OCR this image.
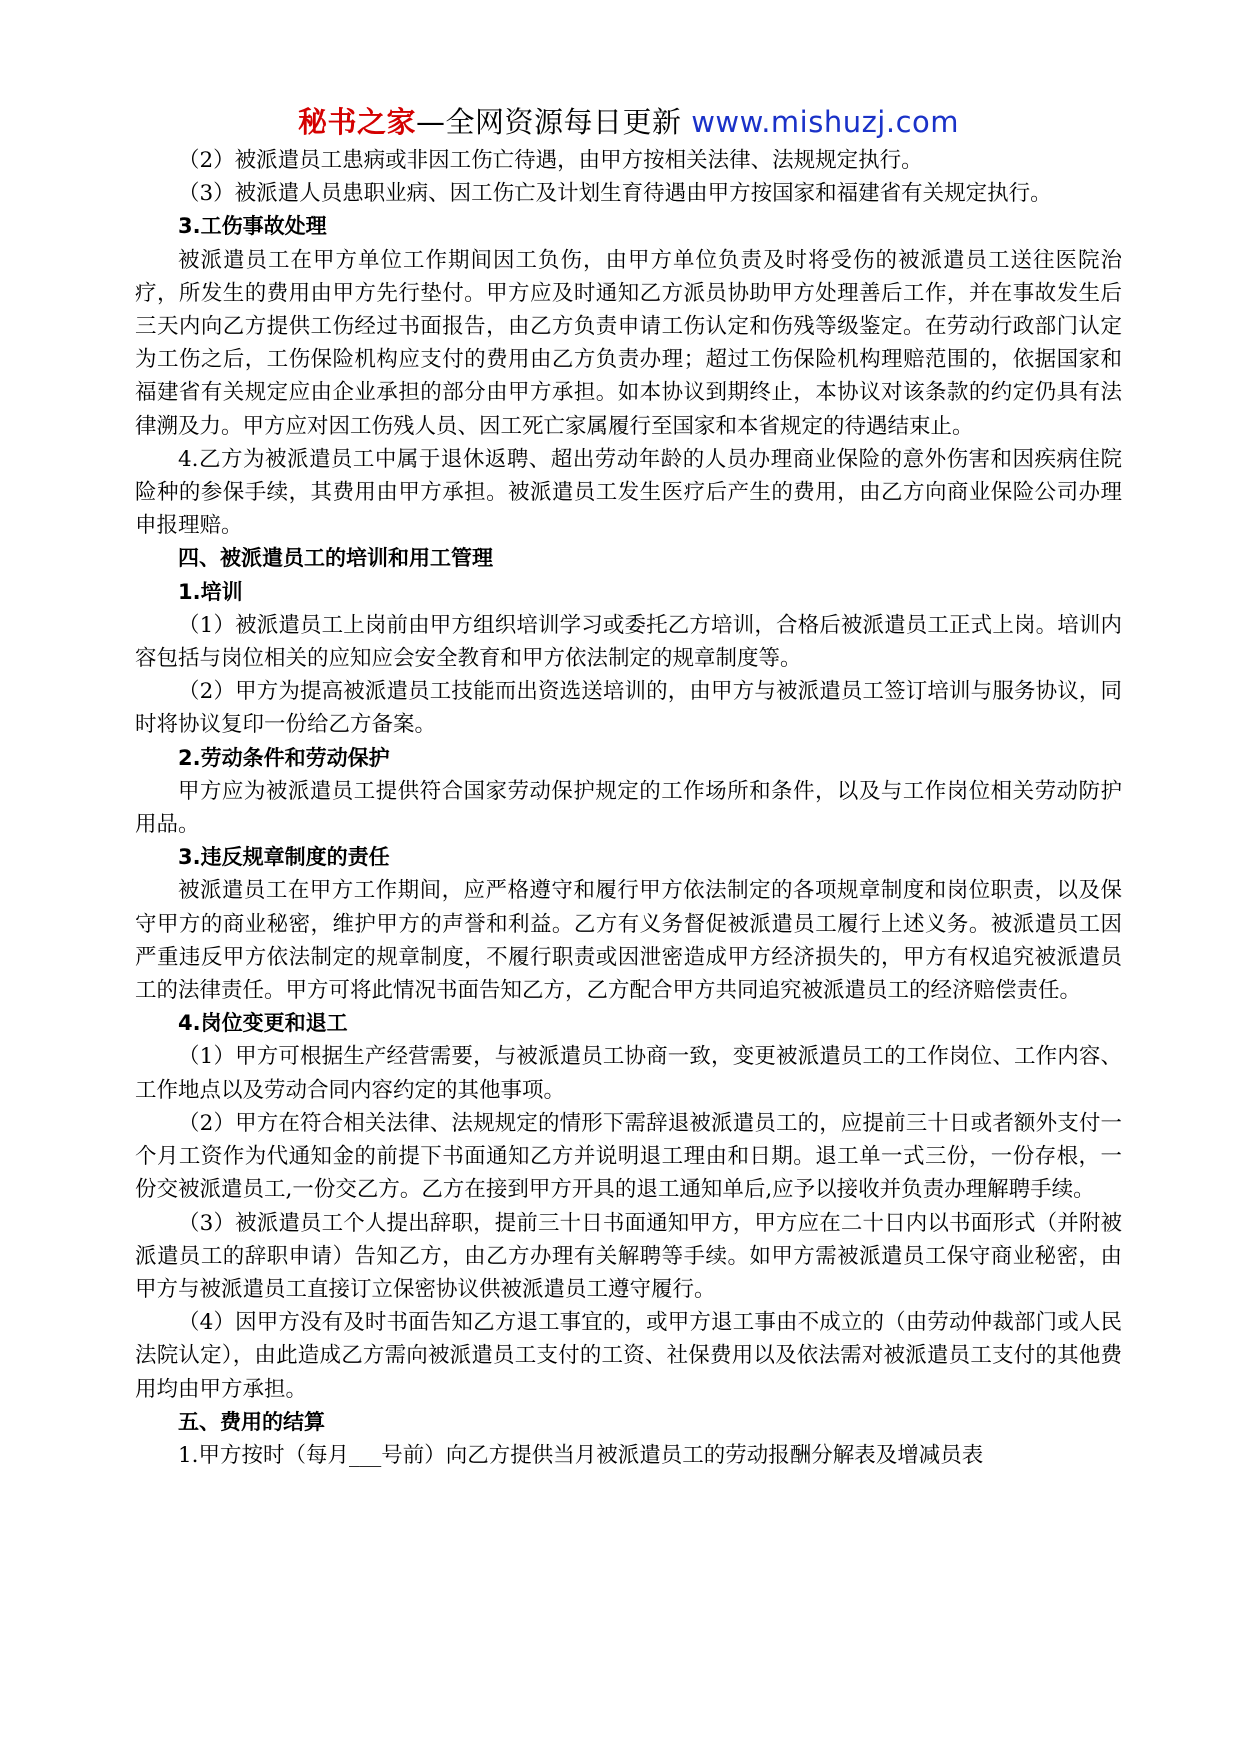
秘书之家—全网资源每日更新 www.mishuzj.com

（2）被派遣员工患病或非因工伤亡待遇，由甲方按相关法律、法规规定执行。

（3）被派遣人员患职业病、因工伤亡及计划生育待遇由甲方按国家和福建省有关规定执行。

3.工伤事故处理

被派遣员工在甲方单位工作期间因工负伤，由甲方单位负责及时将受伤的被派遣员工送往医院治疗，所发生的费用由甲方先行垫付。甲方应及时通知乙方派员协助甲方处理善后工作，并在事故发生后三天内向乙方提供工伤经过书面报告，由乙方负责申请工伤认定和伤残等级鉴定。在劳动行政部门认定为工伤之后，工伤保险机构应支付的费用由乙方负责办理；超过工伤保险机构理赔范围的，依据国家和福建省有关规定应由企业承担的部分由甲方承担。如本协议到期终止，本协议对该条款的约定仍具有法律溯及力。甲方应对因工伤残人员、因工死亡家属履行至国家和本省规定的待遇结束止。

4.乙方为被派遣员工中属于退休返聘、超出劳动年龄的人员办理商业保险的意外伤害和因疾病住院险种的参保手续，其费用由甲方承担。被派遣员工发生医疗后产生的费用，由乙方向商业保险公司办理申报理赔。

四、被派遣员工的培训和用工管理

1.培训

（1）被派遣员工上岗前由甲方组织培训学习或委托乙方培训，合格后被派遣员工正式上岗。培训内容包括与岗位相关的应知应会安全教育和甲方依法制定的规章制度等。

（2）甲方为提高被派遣员工技能而出资选送培训的，由甲方与被派遣员工签订培训与服务协议，同时将协议复印一份给乙方备案。

2.劳动条件和劳动保护

甲方应为被派遣员工提供符合国家劳动保护规定的工作场所和条件，以及与工作岗位相关劳动防护用品。

3.违反规章制度的责任

被派遣员工在甲方工作期间，应严格遵守和履行甲方依法制定的各项规章制度和岗位职责，以及保守甲方的商业秘密，维护甲方的声誉和利益。乙方有义务督促被派遣员工履行上述义务。被派遣员工因严重违反甲方依法制定的规章制度，不履行职责或因泄密造成甲方经济损失的，甲方有权追究被派遣员工的法律责任。甲方可将此情况书面告知乙方，乙方配合甲方共同追究被派遣员工的经济赔偿责任。

4.岗位变更和退工

（1）甲方可根据生产经营需要，与被派遣员工协商一致，变更被派遣员工的工作岗位、工作内容、工作地点以及劳动合同内容约定的其他事项。

（2）甲方在符合相关法律、法规规定的情形下需辞退被派遣员工的，应提前三十日或者额外支付一个月工资作为代通知金的前提下书面通知乙方并说明退工理由和日期。退工单一式三份，一份存根，一份交被派遣员工,一份交乙方。乙方在接到甲方开具的退工通知单后,应予以接收并负责办理解聘手续。

（3）被派遣员工个人提出辞职，提前三十日书面通知甲方，甲方应在二十日内以书面形式（并附被派遣员工的辞职申请）告知乙方，由乙方办理有关解聘等手续。如甲方需被派遣员工保守商业秘密，由甲方与被派遣员工直接订立保密协议供被派遣员工遵守履行。

（4）因甲方没有及时书面告知乙方退工事宜的，或甲方退工事由不成立的（由劳动仲裁部门或人民法院认定），由此造成乙方需向被派遣员工支付的工资、社保费用以及依法需对被派遣员工支付的其他费用均由甲方承担。

五、费用的结算

1.甲方按时（每月___号前）向乙方提供当月被派遣员工的劳动报酬分解表及增减员表
